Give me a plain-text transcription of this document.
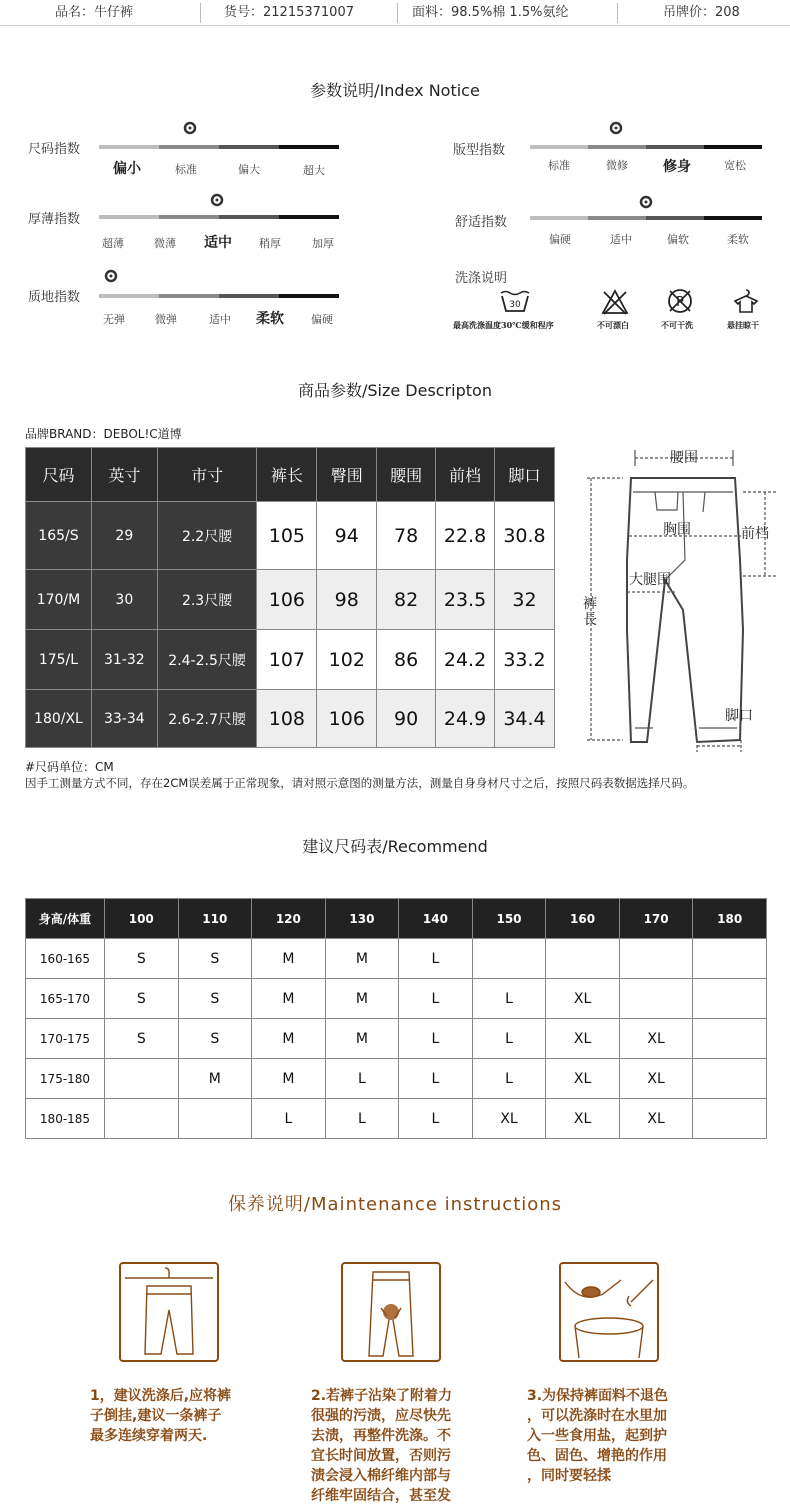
品名：牛仔裤	货号：21215371007	面料：98.5%棉 1.5%氨纶	吊牌价：208
参数说明/Index Notice
尺码指数
偏小	标准	偏大	超大
版型指数
标准	微修	修身	宽松
厚薄指数
超薄	微薄	适中	稍厚	加厚
舒适指数
偏硬	适中	偏软	柔软
质地指数
无弹	微弹	适中	柔软	偏硬
洗涤说明
30	P
最高洗涤温度30℃缓和程序	不可漂白	不可干洗	悬挂晾干
商品参数/Size Descripton
品牌BRAND：DEBOL!C道博
尺码	英寸	市寸	裤长	臀围	腰围	前档	脚口
165/S	29	2.2尺腰	105	94	78	22.8	30.8
170/M	30	2.3尺腰	106	98	82	23.5	32
175/L	31-32	2.4-2.5尺腰	107	102	86	24.2	33.2
180/XL	33-34	2.6-2.7尺腰	108	106	90	24.9	34.4
腰围
胸围	前档
大腿围
裤
長
脚口
#尺码单位：CM
因手工测量方式不同，存在2CM误差属于正常现象，请对照示意图的测量方法，测量自身身材尺寸之后，按照尺码表数据选择尺码。
建议尺码表/Recommend
身高/体重	100	110	120	130	140	150	160	170	180
160-165	S	S	M	M	L				
165-170	S	S	M	M	L	L	XL		
170-175	S	S	M	M	L	L	XL	XL	
175-180		M	M	L	L	L	XL	XL	
180-185			L	L	L	XL	XL	XL	
保养说明/Maintenance instructions
1，建议洗涤后,应将裤
子倒挂,建议一条裤子
最多连续穿着两天.
2.若裤子沾染了附着力
很强的污渍，应尽快先
去渍，再整件洗涤。不
宜长时间放置，否则污
渍会浸入棉纤维内部与
纤维牢固结合，甚至发
3.为保持裤面料不退色
，可以洗涤时在水里加
入一些食用盐，起到护
色、固色、增艳的作用
，同时要轻揉
